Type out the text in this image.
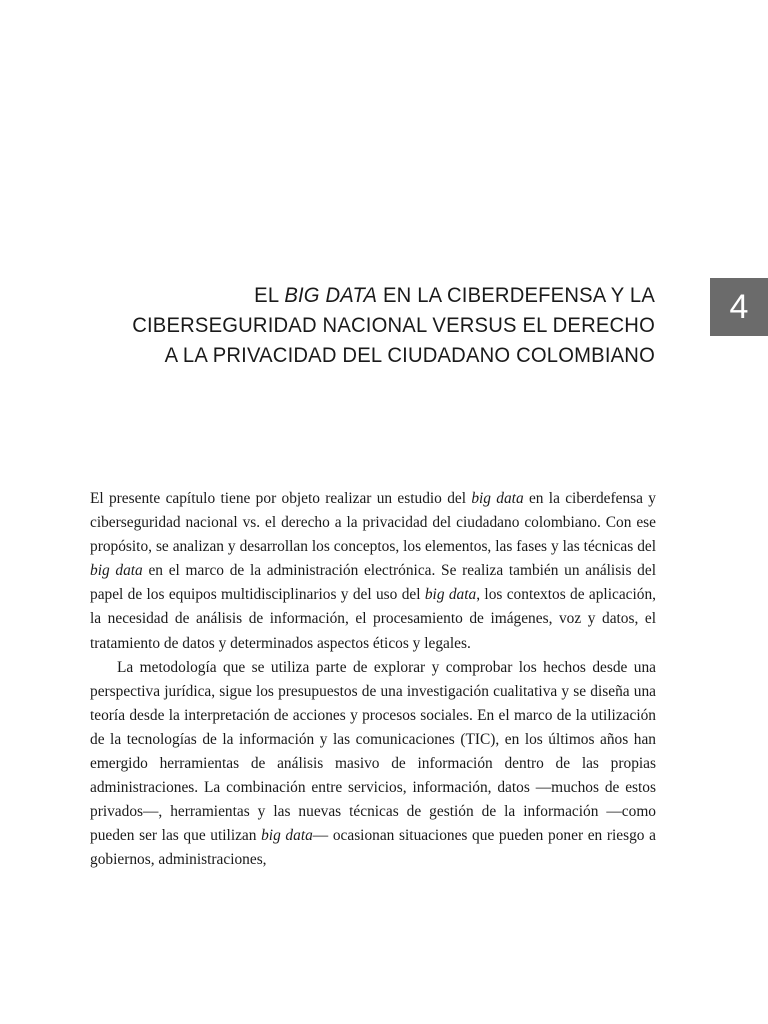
4
EL BIG DATA EN LA CIBERDEFENSA Y LA
CIBERSEGURIDAD NACIONAL VERSUS EL DERECHO
A LA PRIVACIDAD DEL CIUDADANO COLOMBIANO

El presente capítulo tiene por objeto realizar un estudio del big data en la ciberdefensa y ciberseguridad nacional vs. el derecho a la privacidad del ciudadano colombiano. Con ese propósito, se analizan y desarrollan los conceptos, los elementos, las fases y las técnicas del big data en el marco de la administración electrónica. Se realiza también un análisis del papel de los equipos multidisciplinarios y del uso del big data, los contextos de aplicación, la necesidad de análisis de información, el procesamiento de imágenes, voz y datos, el tratamiento de datos y determinados aspectos éticos y legales.

La metodología que se utiliza parte de explorar y comprobar los hechos desde una perspectiva jurídica, sigue los presupuestos de una investigación cualitativa y se diseña una teoría desde la interpretación de acciones y procesos sociales. En el marco de la utilización de la tecnologías de la información y las comunicaciones (TIC), en los últimos años han emergido herramientas de análisis masivo de información dentro de las propias administraciones. La combinación entre servicios, información, datos —muchos de estos privados—, herramientas y las nuevas técnicas de gestión de la información —como pueden ser las que utilizan big data— ocasionan situaciones que pueden poner en riesgo a gobiernos, administraciones,
